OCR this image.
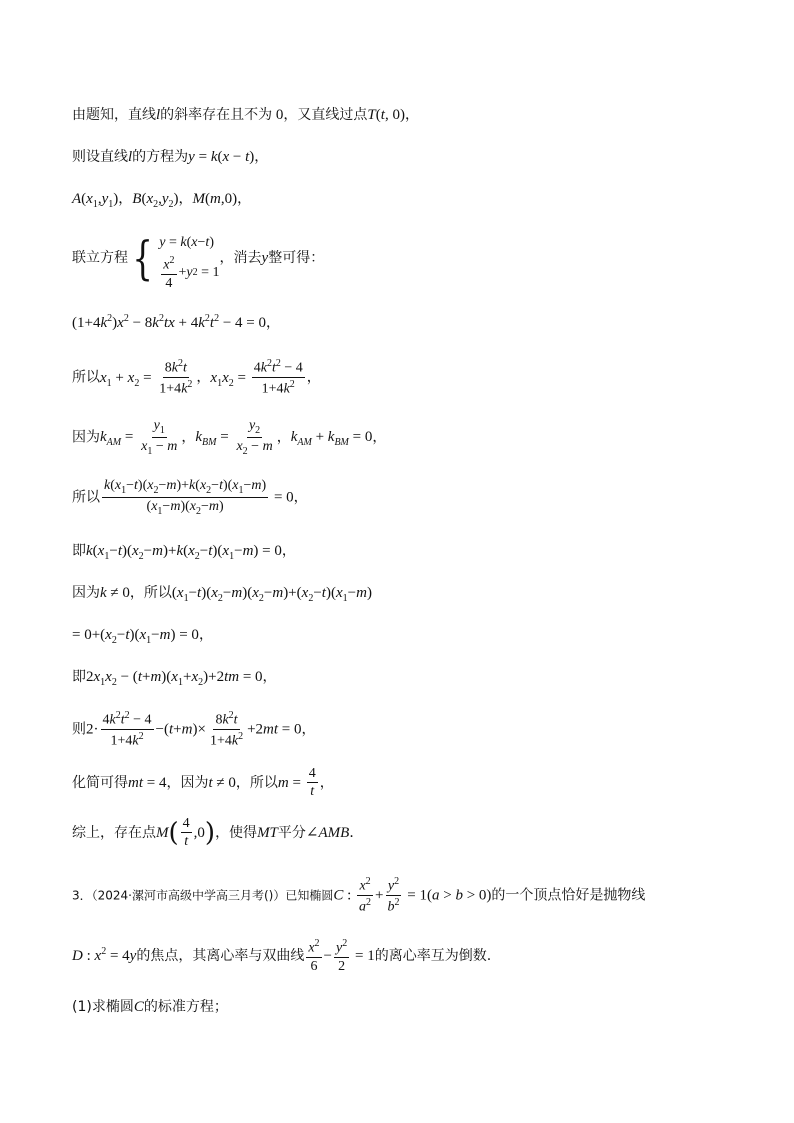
由题知，直线l的斜率存在且不为 0，又直线过点T(t, 0)，
则设直线l的方程为y = k(x − t)，
$A(x_1,y_1)$，$B(x_2,y_2)$，M(m,0)，
联立方程 { y = k ( x − t )
$\frac{x^2}{4} + y$ 2 = 1
，消去y整可得：
$(1+4k^2)x^2 - 8k^2tx + 4k^2t^2 - 4 = 0$，
所以$x_1 + x_2 = \frac{8k^2t}{1+4k^2}$ ，$x_1x_2 = \frac{4k^2t^2 - 4}{1+4k^2}$ ，
因为$k_{AM} = \frac{y_1}{x_1 - m}$ ，$k_{BM} = \frac{y_2}{x_2 - m}$ ，$k_{AM} + k_{BM} = 0$，
所以 $\frac{k(x_1-t)(x_2-m)+k(x_2-t)(x_1-m)}{(x_1-m)(x_2-m)} = 0$，
即$k(x_1-t)(x_2-m)+k(x_2-t)(x_1-m) = 0$，
因为k ≠ 0，所以$(x_1-t)(x_2-m)(x_2-m)+(x_2-t)(x_1-m)$
= $0+(x_2-t)(x_1-m) = 0$，
即$2x_1x_2 - (t+m)(x_1+x_2)+2tm = 0$，
则$2\cdot \frac{4k^2t^2 - 4}{1+4k^2} -(t+m)\times \frac{8k^2t}{1+4k^2} +2mt = 0$，
化简可得mt = 4，因为t ≠ 0，所以$m = \frac{4}{t}$ ，
综上，存在点$M( \frac{4}{t} ,0)$，使得MT平分∠AMB．
3．（2024·漯河市高级中学高三月考()）已知椭圆C : $\frac{x^2}{a^2} + \frac{y^2}{b^2} = 1(a > b > 0)$的一个顶点恰好是抛物线
D : $x^2 = 4y$的焦点，其离心率与双曲线 $\frac{x^2}{6} - \frac{y^2}{2} = 1$的离心率互为倒数.
(1)求椭圆C的标准方程；
